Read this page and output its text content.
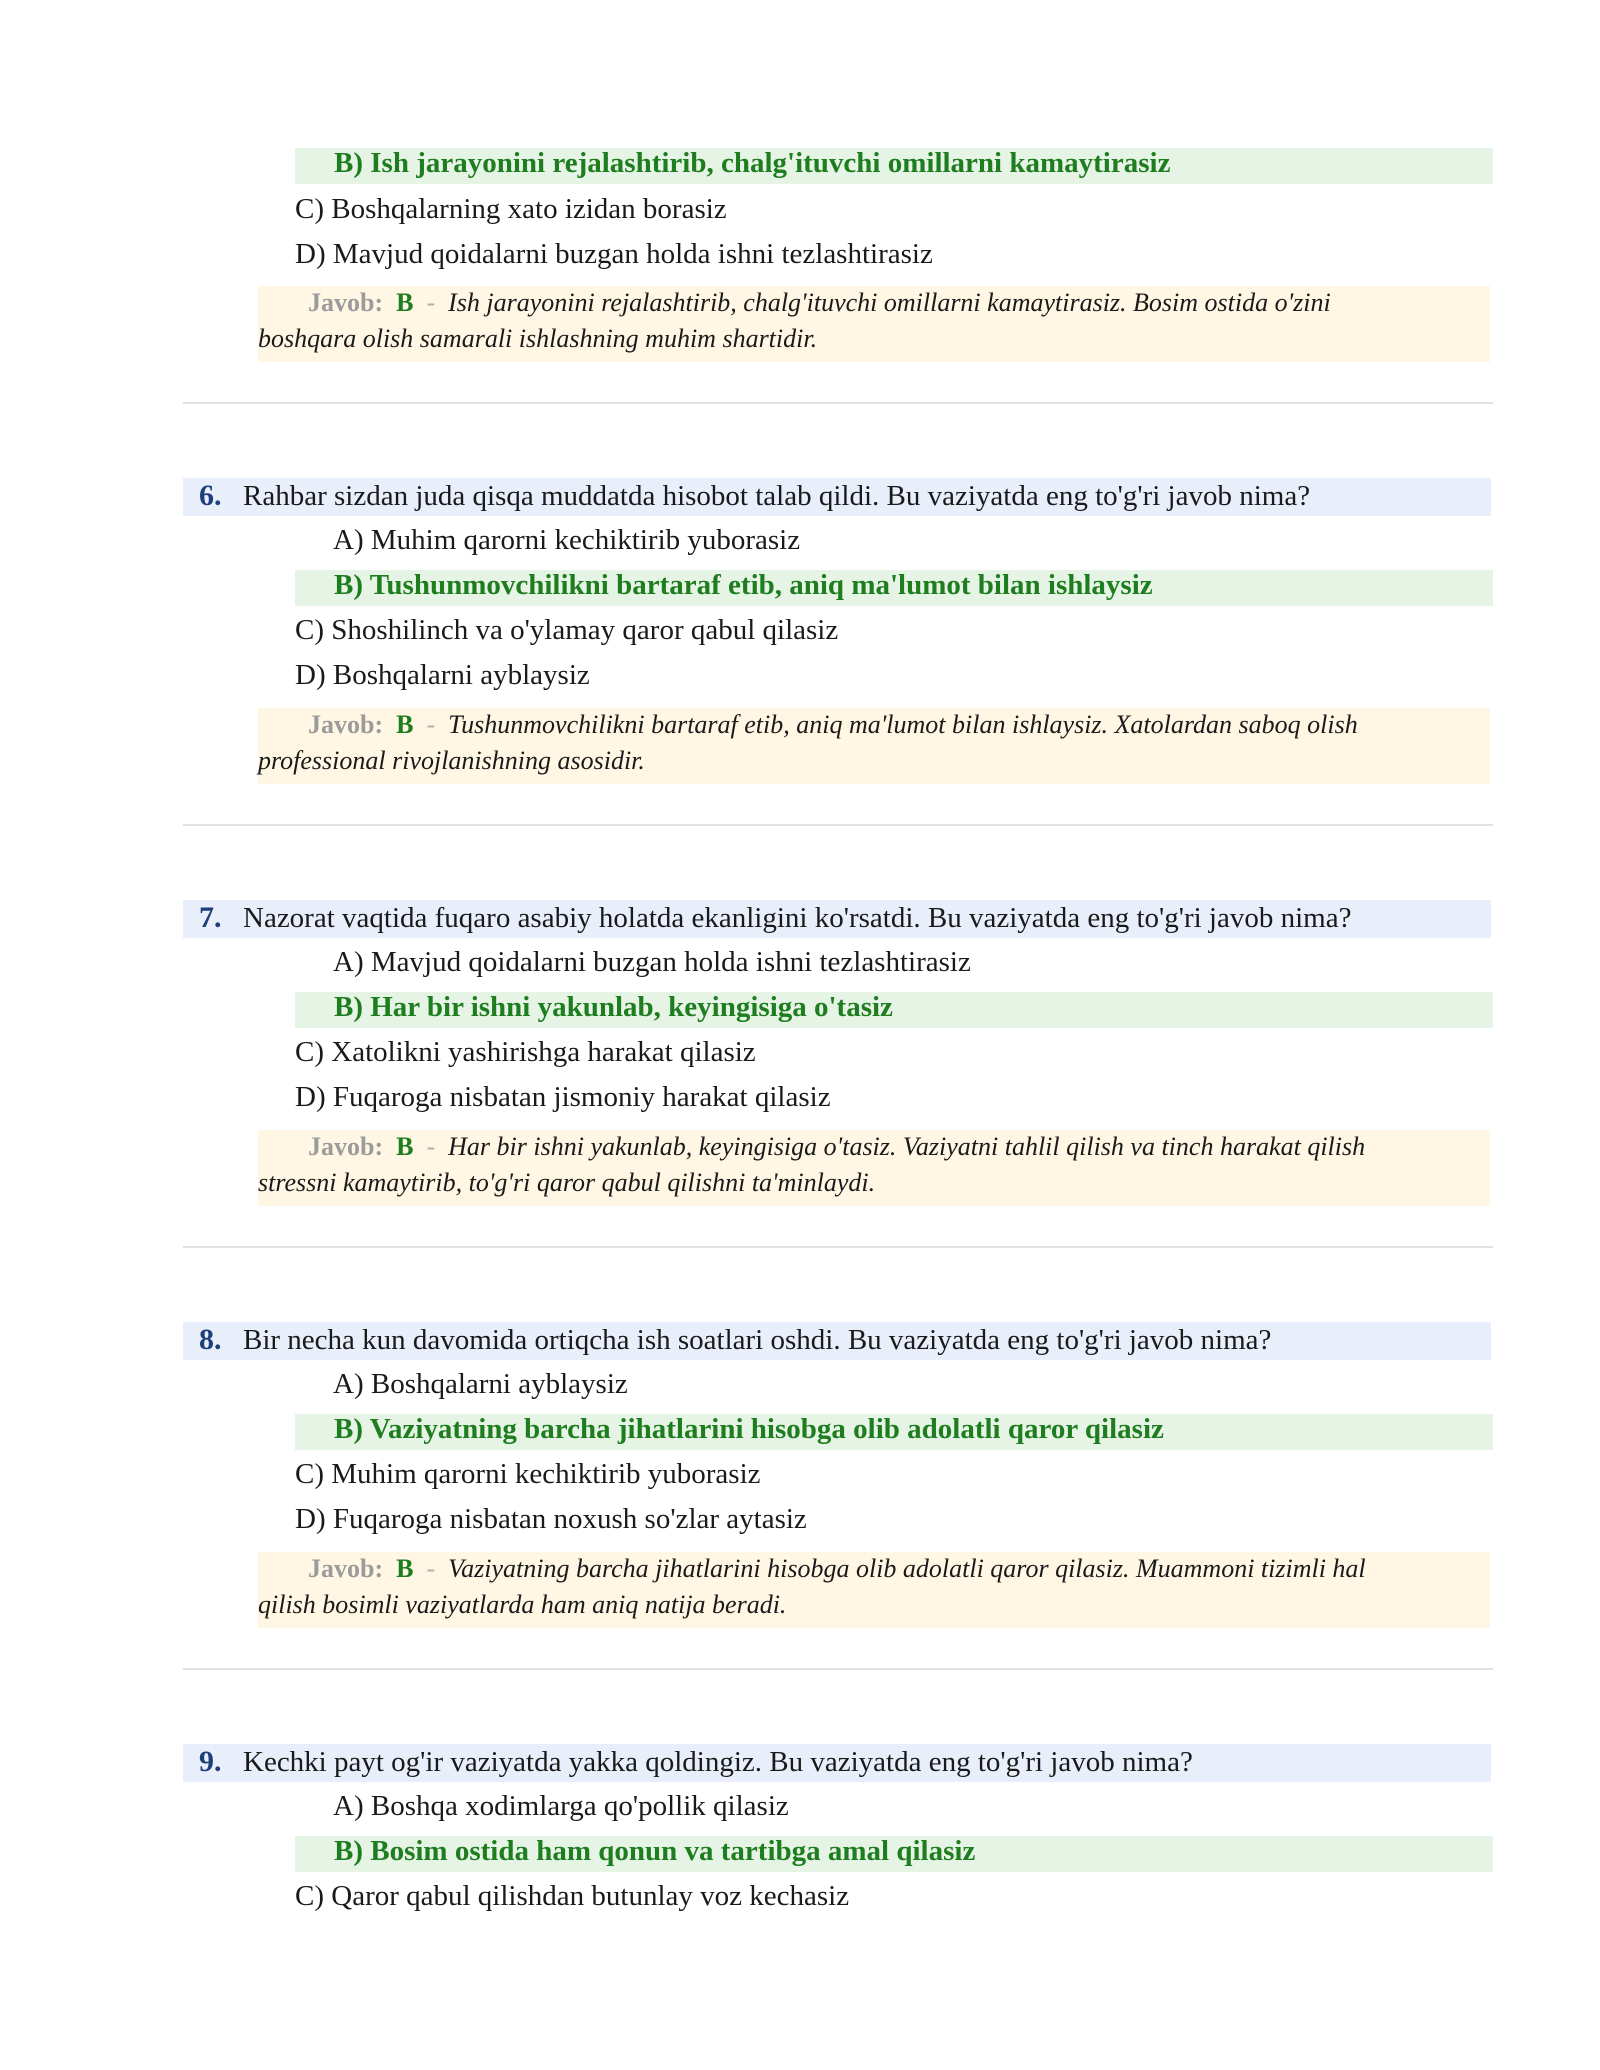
B) Ish jarayonini rejalashtirib, chalg'ituvchi omillarni kamaytirasiz
C) Boshqalarning xato izidan borasiz
D) Mavjud qoidalarni buzgan holda ishni tezlashtirasiz
Javob: B - Ish jarayonini rejalashtirib, chalg'ituvchi omillarni kamaytirasiz. Bosim ostida o'zini
boshqara olish samarali ishlashning muhim shartidir.
6. Rahbar sizdan juda qisqa muddatda hisobot talab qildi. Bu vaziyatda eng to'g'ri javob nima?
A) Muhim qarorni kechiktirib yuborasiz
B) Tushunmovchilikni bartaraf etib, aniq ma'lumot bilan ishlaysiz
C) Shoshilinch va o'ylamay qaror qabul qilasiz
D) Boshqalarni ayblaysiz
Javob: B - Tushunmovchilikni bartaraf etib, aniq ma'lumot bilan ishlaysiz. Xatolardan saboq olish
professional rivojlanishning asosidir.
7. Nazorat vaqtida fuqaro asabiy holatda ekanligini ko'rsatdi. Bu vaziyatda eng to'g'ri javob nima?
A) Mavjud qoidalarni buzgan holda ishni tezlashtirasiz
B) Har bir ishni yakunlab, keyingisiga o'tasiz
C) Xatolikni yashirishga harakat qilasiz
D) Fuqaroga nisbatan jismoniy harakat qilasiz
Javob: B - Har bir ishni yakunlab, keyingisiga o'tasiz. Vaziyatni tahlil qilish va tinch harakat qilish
stressni kamaytirib, to'g'ri qaror qabul qilishni ta'minlaydi.
8. Bir necha kun davomida ortiqcha ish soatlari oshdi. Bu vaziyatda eng to'g'ri javob nima?
A) Boshqalarni ayblaysiz
B) Vaziyatning barcha jihatlarini hisobga olib adolatli qaror qilasiz
C) Muhim qarorni kechiktirib yuborasiz
D) Fuqaroga nisbatan noxush so'zlar aytasiz
Javob: B - Vaziyatning barcha jihatlarini hisobga olib adolatli qaror qilasiz. Muammoni tizimli hal
qilish bosimli vaziyatlarda ham aniq natija beradi.
9. Kechki payt og'ir vaziyatda yakka qoldingiz. Bu vaziyatda eng to'g'ri javob nima?
A) Boshqa xodimlarga qo'pollik qilasiz
B) Bosim ostida ham qonun va tartibga amal qilasiz
C) Qaror qabul qilishdan butunlay voz kechasiz
